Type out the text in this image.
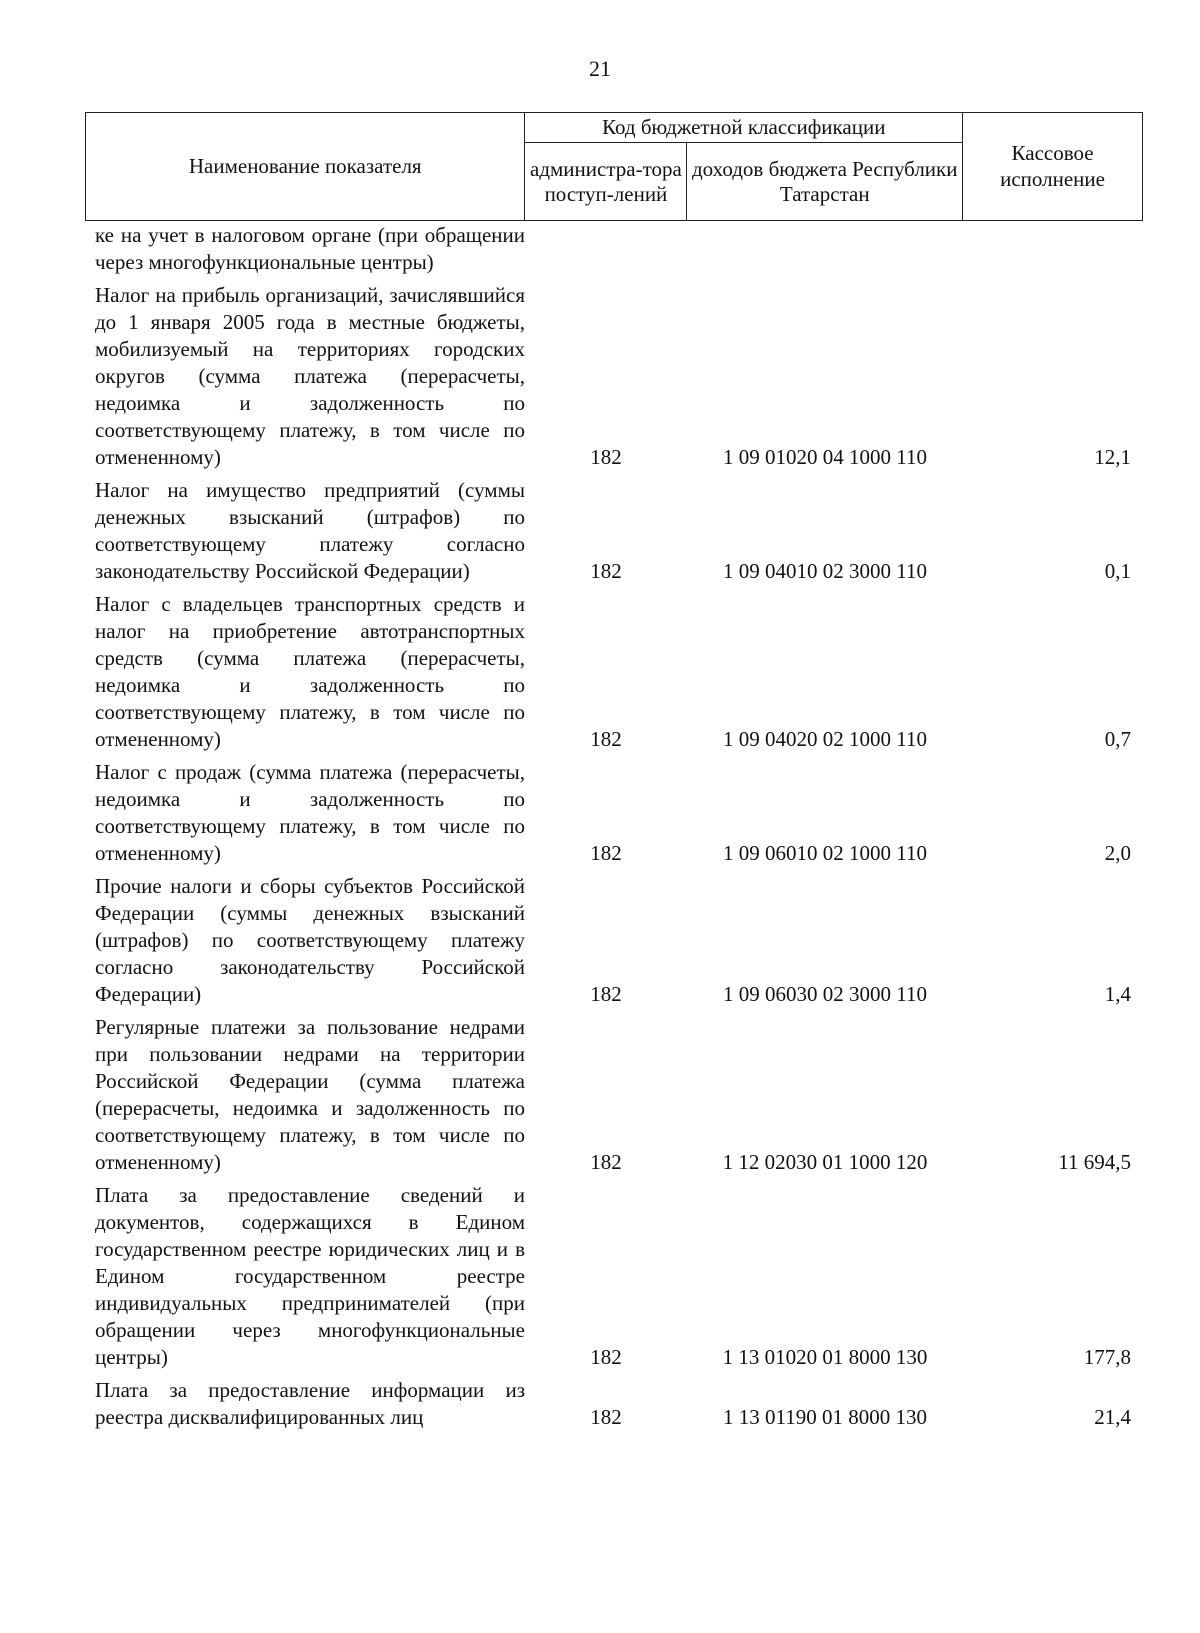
21
Наименование показателя	Код бюджетной классификации		Кассовое исполнение
	администра-тора поступ-лений	доходов бюджета Республики Татарстан	
ке на учет в налоговом органе (при обращении через многофункциональные центры)
Налог на прибыль организаций, зачислявшийся до 1 января 2005 года в местные бюджеты, мобилизуемый на территориях городских округов (сумма платежа (перерасчеты, недоимка и задолженность по соответствующему платежу, в том числе по отмененному)	182	1 09 01020 04 1000 110	12,1
Налог на имущество предприятий (суммы денежных взысканий (штрафов) по соответствующему платежу согласно законодательству Российской Федерации)	182	1 09 04010 02 3000 110	0,1
Налог с владельцев транспортных средств и налог на приобретение автотранспортных средств (сумма платежа (перерасчеты, недоимка и задолженность по соответствующему платежу, в том числе по отмененному)	182	1 09 04020 02 1000 110	0,7
Налог с продаж (сумма платежа (перерасчеты, недоимка и задолженность по соответствующему платежу, в том числе по отмененному)	182	1 09 06010 02 1000 110	2,0
Прочие налоги и сборы субъектов Российской Федерации (суммы денежных взысканий (штрафов) по соответствующему платежу согласно законодательству Российской Федерации)	182	1 09 06030 02 3000 110	1,4
Регулярные платежи за пользование недрами при пользовании недрами на территории Российской Федерации (сумма платежа (перерасчеты, недоимка и задолженность по соответствующему платежу, в том числе по отмененному)	182	1 12 02030 01 1000 120	11 694,5
Плата за предоставление сведений и документов, содержащихся в Едином государственном реестре юридических лиц и в Едином государственном реестре индивидуальных предпринимателей (при обращении через многофункциональные центры)	182	1 13 01020 01 8000 130	177,8
Плата за предоставление информации из реестра дисквалифицированных лиц	182	1 13 01190 01 8000 130	21,4
